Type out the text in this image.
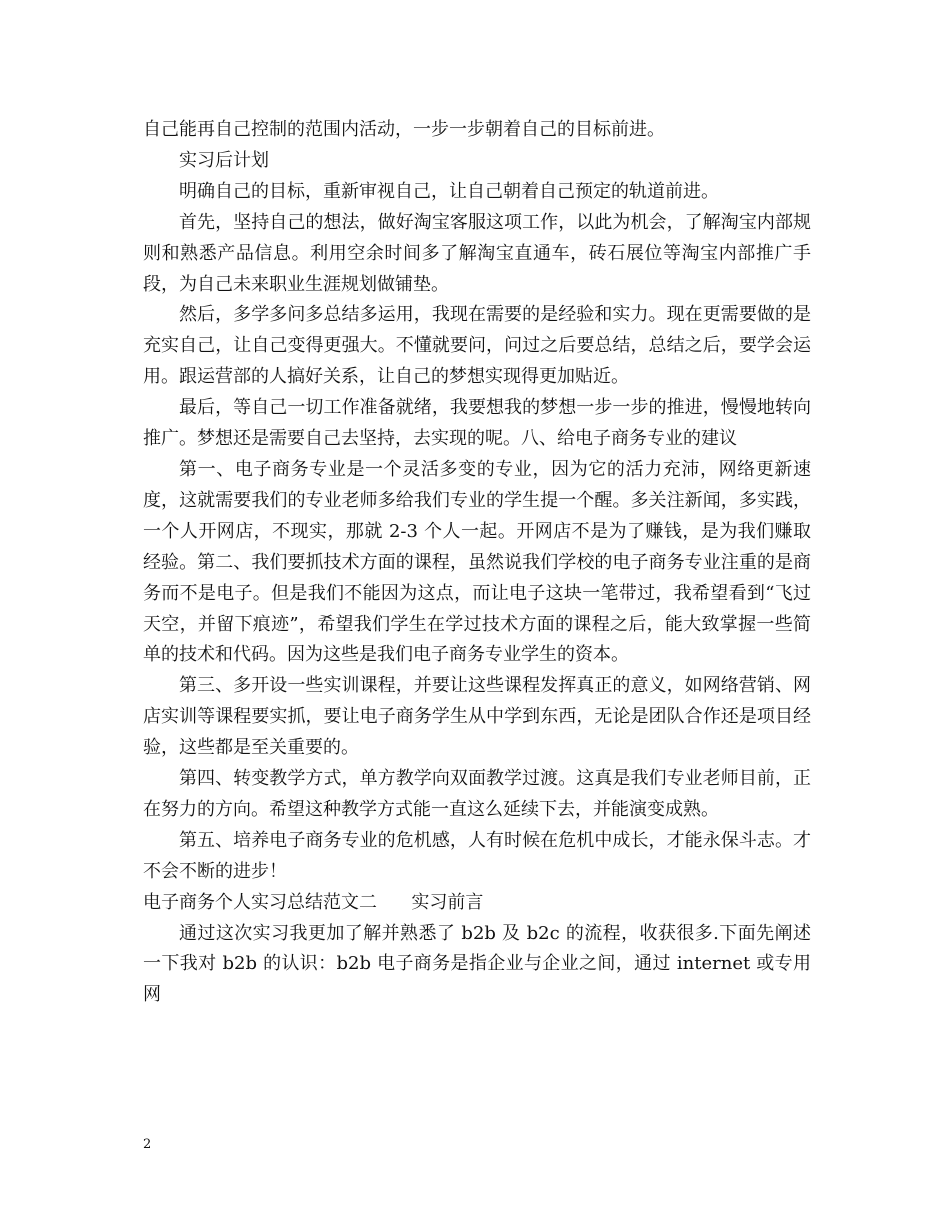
自己能再自己控制的范围内活动，一步一步朝着自己的目标前进。

实习后计划

明确自己的目标，重新审视自己，让自己朝着自己预定的轨道前进。

首先，坚持自己的想法，做好淘宝客服这项工作，以此为机会，了解淘宝内部规则和熟悉产品信息。利用空余时间多了解淘宝直通车，砖石展位等淘宝内部推广手段，为自己未来职业生涯规划做铺垫。

然后，多学多问多总结多运用，我现在需要的是经验和实力。现在更需要做的是充实自己，让自己变得更强大。不懂就要问，问过之后要总结，总结之后，要学会运用。跟运营部的人搞好关系，让自己的梦想实现得更加贴近。

最后，等自己一切工作准备就绪，我要想我的梦想一步一步的推进，慢慢地转向推广。梦想还是需要自己去坚持，去实现的呢。八、给电子商务专业的建议

第一、电子商务专业是一个灵活多变的专业，因为它的活力充沛，网络更新速度，这就需要我们的专业老师多给我们专业的学生提一个醒。多关注新闻，多实践，一个人开网店，不现实，那就 2-3 个人一起。开网店不是为了赚钱，是为我们赚取经验。第二、我们要抓技术方面的课程，虽然说我们学校的电子商务专业注重的是商务而不是电子。但是我们不能因为这点，而让电子这块一笔带过，我希望看到“飞过天空，并留下痕迹”，希望我们学生在学过技术方面的课程之后，能大致掌握一些简单的技术和代码。因为这些是我们电子商务专业学生的资本。

第三、多开设一些实训课程，并要让这些课程发挥真正的意义，如网络营销、网店实训等课程要实抓，要让电子商务学生从中学到东西，无论是团队合作还是项目经验，这些都是至关重要的。

第四、转变教学方式，单方教学向双面教学过渡。这真是我们专业老师目前，正在努力的方向。希望这种教学方式能一直这么延续下去，并能演变成熟。

第五、培养电子商务专业的危机感，人有时候在危机中成长，才能永保斗志。才不会不断的进步！

电子商务个人实习总结范文二      实习前言

通过这次实习我更加了解并熟悉了 b2b 及 b2c 的流程，收获很多.下面先阐述一下我对 b2b 的认识：b2b 电子商务是指企业与企业之间，通过 internet 或专用网

2
